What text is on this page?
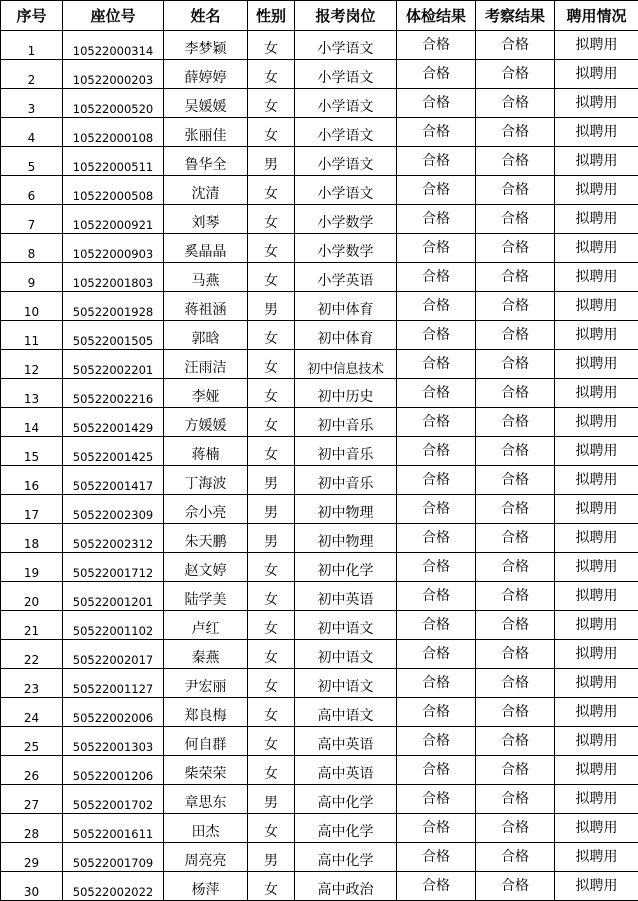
序号	座位号	姓名	性别	报考岗位	体检结果	考察结果	聘用情况
1	10522000314	李梦颖	女	小学语文	合格	合格	拟聘用
2	10522000203	薛婷婷	女	小学语文	合格	合格	拟聘用
3	10522000520	吴媛媛	女	小学语文	合格	合格	拟聘用
4	10522000108	张丽佳	女	小学语文	合格	合格	拟聘用
5	10522000511	鲁华全	男	小学语文	合格	合格	拟聘用
6	10522000508	沈清	女	小学语文	合格	合格	拟聘用
7	10522000921	刘琴	女	小学数学	合格	合格	拟聘用
8	10522000903	奚晶晶	女	小学数学	合格	合格	拟聘用
9	10522001803	马燕	女	小学英语	合格	合格	拟聘用
10	50522001928	蒋祖涵	男	初中体育	合格	合格	拟聘用
11	50522001505	郭晗	女	初中体育	合格	合格	拟聘用
12	50522002201	汪雨洁	女	初中信息技术	合格	合格	拟聘用
13	50522002216	李娅	女	初中历史	合格	合格	拟聘用
14	50522001429	方媛媛	女	初中音乐	合格	合格	拟聘用
15	50522001425	蒋楠	女	初中音乐	合格	合格	拟聘用
16	50522001417	丁海波	男	初中音乐	合格	合格	拟聘用
17	50522002309	佘小亮	男	初中物理	合格	合格	拟聘用
18	50522002312	朱天鹏	男	初中物理	合格	合格	拟聘用
19	50522001712	赵文婷	女	初中化学	合格	合格	拟聘用
20	50522001201	陆学美	女	初中英语	合格	合格	拟聘用
21	50522001102	卢红	女	初中语文	合格	合格	拟聘用
22	50522002017	秦燕	女	初中语文	合格	合格	拟聘用
23	50522001127	尹宏丽	女	初中语文	合格	合格	拟聘用
24	50522002006	郑良梅	女	高中语文	合格	合格	拟聘用
25	50522001303	何自群	女	高中英语	合格	合格	拟聘用
26	50522001206	柴荣荣	女	高中英语	合格	合格	拟聘用
27	50522001702	章思东	男	高中化学	合格	合格	拟聘用
28	50522001611	田杰	女	高中化学	合格	合格	拟聘用
29	50522001709	周亮亮	男	高中化学	合格	合格	拟聘用
30	50522002022	杨萍	女	高中政治	合格	合格	拟聘用
